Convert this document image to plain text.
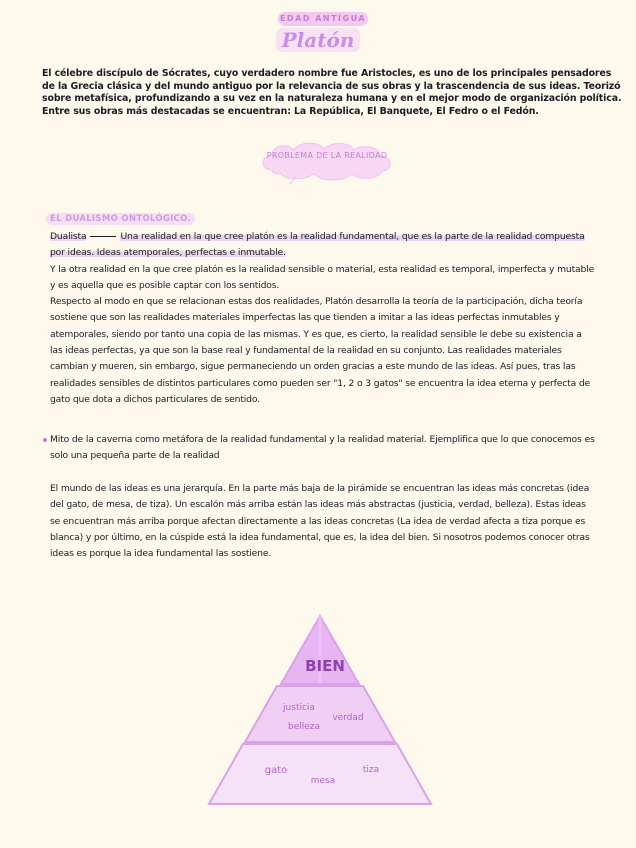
EDAD ANTIGUA
Platón
El célebre discípulo de Sócrates, cuyo verdadero nombre fue Aristocles, es uno de los principales pensadores de la Grecia clásica y del mundo antiguo por la relevancia de sus obras y la trascendencia de sus ideas. Teorizó sobre metafísica, profundizando a su vez en la naturaleza humana y en el mejor modo de organización política. Entre sus obras más destacadas se encuentran: La República, El Banquete, El Fedro o el Fedón.
PROBLEMA DE LA REALIDAD
EL DUALISMO ONTOLÓGICO.
Dualista	Una realidad en la que cree platón es la realidad fundamental, que es la parte de la realidad compuesta por ideas. Ideas atemporales, perfectas e inmutable.
Y la otra realidad en la que cree platón es la realidad sensible o material, esta realidad es temporal, imperfecta y mutable y es aquella que es posible captar con los sentidos.
Respecto al modo en que se relacionan estas dos realidades, Platón desarrolla la teoría de la participación, dicha teoría sostiene que son las realidades materiales imperfectas las que tienden a imitar a las ideas perfectas inmutables y atemporales, siendo por tanto una copia de las mismas. Y es que, es cierto, la realidad sensible le debe su existencia a las ideas perfectas, ya que son la base real y fundamental de la realidad en su conjunto. Las realidades materiales cambian y mueren, sin embargo, sigue permaneciendo un orden gracias a este mundo de las ideas. Así pues, tras las realidades sensibles de distintos particulares como pueden ser "1, 2 o 3 gatos" se encuentra la idea eterna y perfecta de gato que dota a dichos particulares de sentido.
Mito de la caverna como metáfora de la realidad fundamental y la realidad material. Ejemplifica que lo que conocemos es solo una pequeña parte de la realidad
El mundo de las ideas es una jerarquía. En la parte más baja de la pirámide se encuentran las ideas más concretas (idea del gato, de mesa, de tiza). Un escalón más arriba están las ideas más abstractas (justicia, verdad, belleza). Estas ideas se encuentran más arriba porque afectan directamente a las ideas concretas (La idea de verdad afecta a tiza porque es blanca) y por último, en la cúspide está la idea fundamental, que es, la idea del bien. Si nosotros podemos conocer otras ideas es porque la idea fundamental las sostiene.
BIEN
justicia
verdad
belleza
gato	tiza
mesa
